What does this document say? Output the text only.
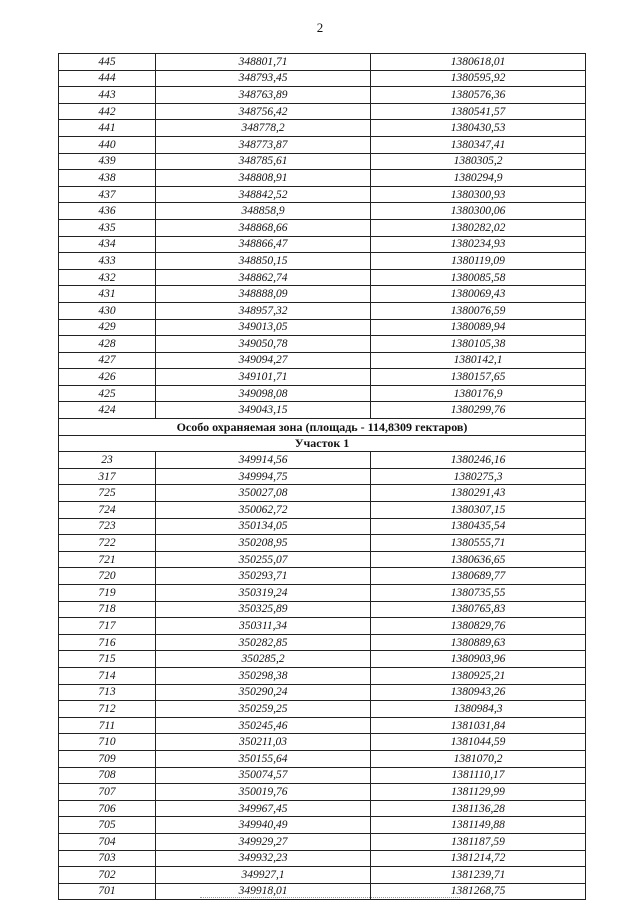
2
445	348801,71	1380618,01
444	348793,45	1380595,92
443	348763,89	1380576,36
442	348756,42	1380541,57
441	348778,2	1380430,53
440	348773,87	1380347,41
439	348785,61	1380305,2
438	348808,91	1380294,9
437	348842,52	1380300,93
436	348858,9	1380300,06
435	348868,66	1380282,02
434	348866,47	1380234,93
433	348850,15	1380119,09
432	348862,74	1380085,58
431	348888,09	1380069,43
430	348957,32	1380076,59
429	349013,05	1380089,94
428	349050,78	1380105,38
427	349094,27	1380142,1
426	349101,71	1380157,65
425	349098,08	1380176,9
424	349043,15	1380299,76
Особо охраняемая зона (площадь - 114,8309 гектаров)		
Участок 1		
23	349914,56	1380246,16
317	349994,75	1380275,3
725	350027,08	1380291,43
724	350062,72	1380307,15
723	350134,05	1380435,54
722	350208,95	1380555,71
721	350255,07	1380636,65
720	350293,71	1380689,77
719	350319,24	1380735,55
718	350325,89	1380765,83
717	350311,34	1380829,76
716	350282,85	1380889,63
715	350285,2	1380903,96
714	350298,38	1380925,21
713	350290,24	1380943,26
712	350259,25	1380984,3
711	350245,46	1381031,84
710	350211,03	1381044,59
709	350155,64	1381070,2
708	350074,57	1381110,17
707	350019,76	1381129,99
706	349967,45	1381136,28
705	349940,49	1381149,88
704	349929,27	1381187,59
703	349932,23	1381214,72
702	349927,1	1381239,71
701	349918,01	1381268,75
